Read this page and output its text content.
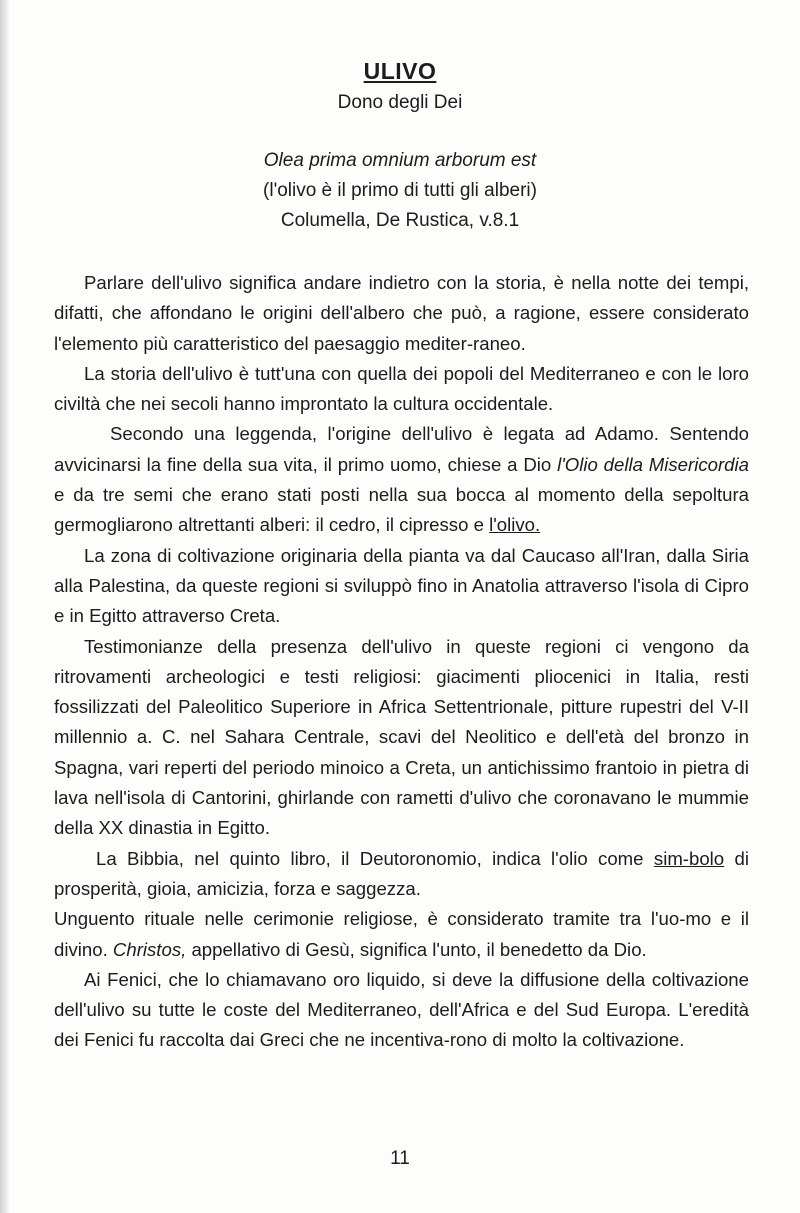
ULIVO
Dono degli Dei
Olea prima omnium arborum est
(l'olivo è il primo di tutti gli alberi)
Columella, De Rustica, v.8.1

Parlare dell'ulivo significa andare indietro con la storia, è nella notte dei tempi, difatti, che affondano le origini dell'albero che può, a ragione, essere considerato l'elemento più caratteristico del paesaggio mediter-raneo.

La storia dell'ulivo è tutt'una con quella dei popoli del Mediterraneo e con le loro civiltà che nei secoli hanno improntato la cultura occidentale.

Secondo una leggenda, l'origine dell'ulivo è legata ad Adamo. Sentendo avvicinarsi la fine della sua vita, il primo uomo, chiese a Dio l'Olio della Misericordia e da tre semi che erano stati posti nella sua bocca al momento della sepoltura germogliarono altrettanti alberi: il cedro, il cipresso e l'olivo.

La zona di coltivazione originaria della pianta va dal Caucaso all'Iran, dalla Siria alla Palestina, da queste regioni si sviluppò fino in Anatolia attraverso l'isola di Cipro e in Egitto attraverso Creta.

Testimonianze della presenza dell'ulivo in queste regioni ci vengono da ritrovamenti archeologici e testi religiosi: giacimenti pliocenici in Italia, resti fossilizzati del Paleolitico Superiore in Africa Settentrionale, pitture rupestri del V-II millennio a. C. nel Sahara Centrale, scavi del Neolitico e dell'età del bronzo in Spagna, vari reperti del periodo minoico a Creta, un antichissimo frantoio in pietra di lava nell'isola di Cantorini, ghirlande con rametti d'ulivo che coronavano le mummie della XX dinastia in Egitto.

La Bibbia, nel quinto libro, il Deutoronomio, indica l'olio come sim-bolo di prosperità, gioia, amicizia, forza e saggezza.

Unguento rituale nelle cerimonie religiose, è considerato tramite tra l'uo-mo e il divino. Christos, appellativo di Gesù, significa l'unto, il benedetto da Dio.

Ai Fenici, che lo chiamavano oro liquido, si deve la diffusione della coltivazione dell'ulivo su tutte le coste del Mediterraneo, dell'Africa e del Sud Europa. L'eredità dei Fenici fu raccolta dai Greci che ne incentiva-rono di molto la coltivazione.

11
